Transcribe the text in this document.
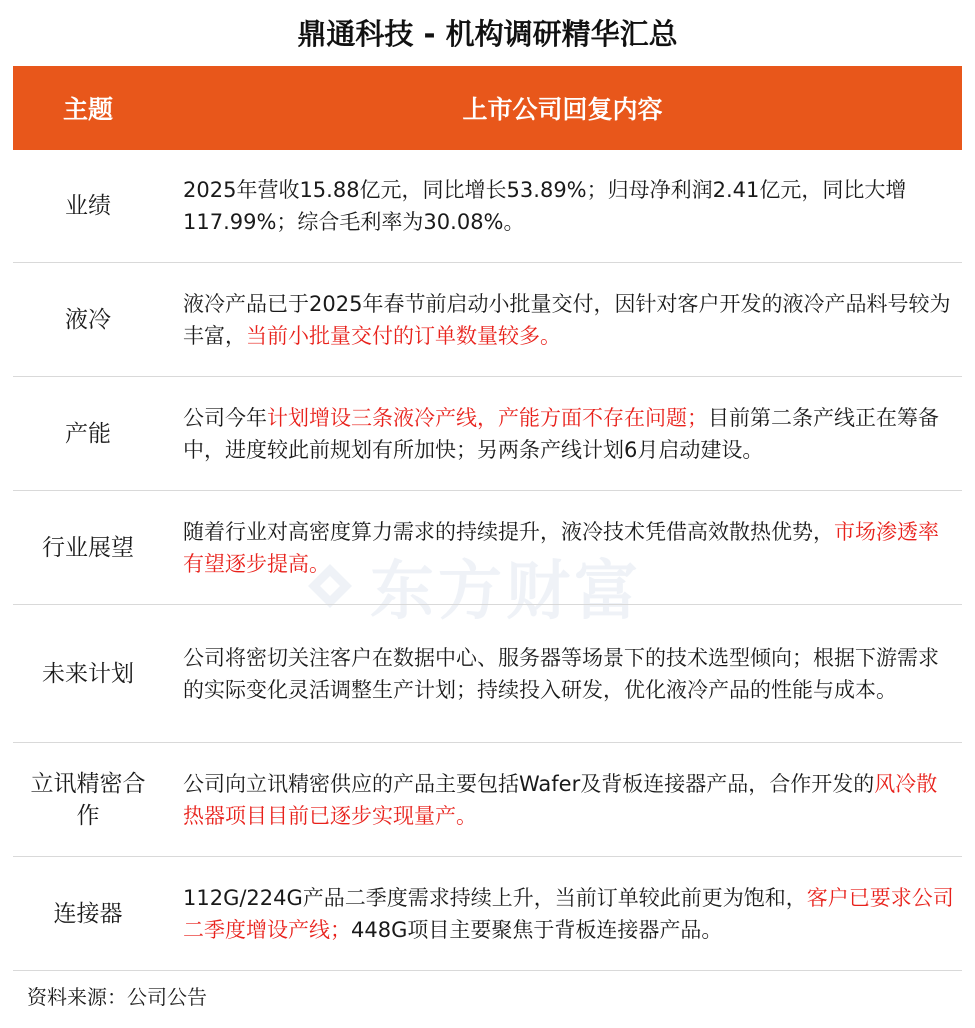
鼎通科技 - 机构调研精华汇总
东方财富
主题	上市公司回复内容
业绩
2025年营收15.88亿元，同比增长53.89%；归母净利润2.41亿元，同比大增117.99%；综合毛利率为30.08%。
液冷
液冷产品已于2025年春节前启动小批量交付，因针对客户开发的液冷产品料号较为丰富，当前小批量交付的订单数量较多。
产能
公司今年计划增设三条液冷产线，产能方面不存在问题；目前第二条产线正在筹备中，进度较此前规划有所加快；另两条产线计划6月启动建设。
行业展望
随着行业对高密度算力需求的持续提升，液冷技术凭借高效散热优势，市场渗透率有望逐步提高。
未来计划
公司将密切关注客户在数据中心、服务器等场景下的技术选型倾向；根据下游需求的实际变化灵活调整生产计划；持续投入研发，优化液冷产品的性能与成本。
立讯精密合作
公司向立讯精密供应的产品主要包括Wafer及背板连接器产品，合作开发的风冷散热器项目目前已逐步实现量产。
连接器
112G/224G产品二季度需求持续上升，当前订单较此前更为饱和，客户已要求公司二季度增设产线；448G项目主要聚焦于背板连接器产品。
资料来源：公司公告
